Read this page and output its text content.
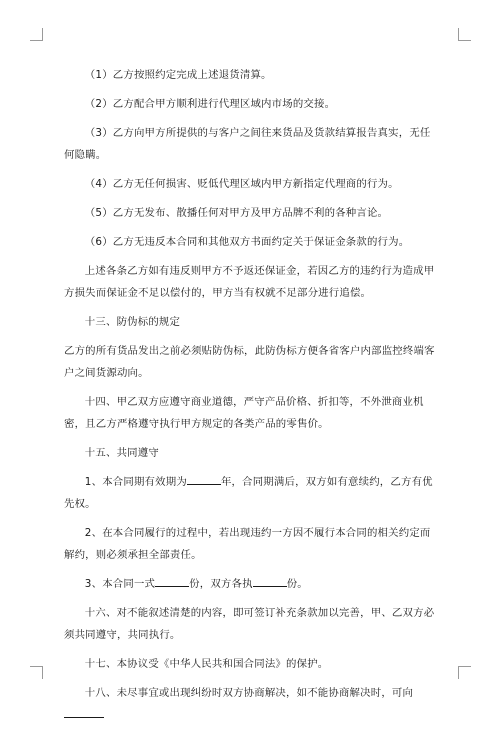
（1）乙方按照约定完成上述退货清算。

（2）乙方配合甲方顺利进行代理区域内市场的交接。

（3）乙方向甲方所提供的与客户之间往来货品及货款结算报告真实，无任何隐瞒。

（4）乙方无任何损害、贬低代理区域内甲方新指定代理商的行为。

（5）乙方无发布、散播任何对甲方及甲方品牌不利的各种言论。

（6）乙方无违反本合同和其他双方书面约定关于保证金条款的行为。

上述各条乙方如有违反则甲方不予返还保证金，若因乙方的违约行为造成甲方损失而保证金不足以偿付的，甲方当有权就不足部分进行追偿。

十三、防伪标的规定

乙方的所有货品发出之前必须贴防伪标，此防伪标方便各省客户内部监控终端客户之间货源动向。

十四、甲乙双方应遵守商业道德，严守产品价格、折扣等，不外泄商业机密，且乙方严格遵守执行甲方规定的各类产品的零售价。

十五、共同遵守

1、本合同期有效期为	年，合同期满后，双方如有意续约，乙方有优先权。

2、在本合同履行的过程中，若出现违约一方因不履行本合同的相关约定而解约，则必须承担全部责任。

3、本合同一式	份，双方各执	份。

十六、对不能叙述清楚的内容，即可签订补充条款加以完善，甲、乙双方必须共同遵守，共同执行。

十七、本协议受《中华人民共和国合同法》的保护。

十八、未尽事宜或出现纠纷时双方协商解决，如不能协商解决时，可向
